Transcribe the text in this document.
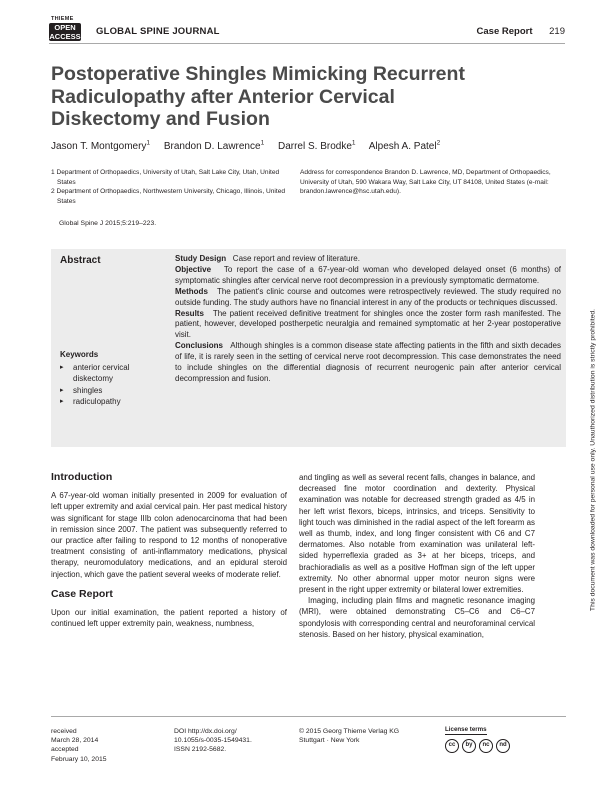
THIEME
OPEN
ACCESS GLOBAL SPINE JOURNAL	Case Report 219
Postoperative Shingles Mimicking Recurrent Radiculopathy after Anterior Cervical Diskectomy and Fusion
Jason T. Montgomery$^1$ Brandon D. Lawrence$^1$ Darrel S. Brodke$^1$ Alpesh A. Patel$^2$

1 Department of Orthopaedics, University of Utah, Salt Lake City, Utah, United States

2 Department of Orthopaedics, Northwestern University, Chicago, Illinois, United States

Address for correspondence Brandon D. Lawrence, MD, Department of Orthopaedics, University of Utah, 590 Wakara Way, Salt Lake City, UT 84108, United States (e-mail: brandon.lawrence@hsc.utah.edu).
Global Spine J 2015;5:219–223.
Abstract	Study Design Case report and review of literature.

Objective To report the case of a 67-year-old woman who developed delayed onset (6 months) of symptomatic shingles after cervical nerve root decompression in a previously symptomatic dermatome.

Methods The patient's clinic course and outcomes were retrospectively reviewed. The study required no outside funding. The study authors have no financial interest in any of the products or techniques discussed.

Results The patient received definitive treatment for shingles once the zoster form rash manifested. The patient, however, developed postherpetic neuralgia and remained symptomatic at her 2-year postoperative visit.

Conclusions Although shingles is a common disease state affecting patients in the fifth and sixth decades of life, it is rarely seen in the setting of cervical nerve root decompression. This case demonstrates the need to include shingles on the differential diagnosis of recurrent neurogenic pain after anterior cervical decompression and fusion.

Keywords
▸ anterior cervical diskectomy
▸ shingles
▸ radiculopathy
Introduction

A 67-year-old woman initially presented in 2009 for evaluation of left upper extremity and axial cervical pain. Her past medical history was significant for stage IIIb colon adenocarcinoma that had been in remission since 2007. The patient was subsequently referred to our practice after failing to respond to 12 months of nonoperative treatment consisting of anti-inflammatory medications, physical therapy, neuromodulatory medications, and an epidural steroid injection, which gave the patient several weeks of moderate relief.

Case Report

Upon our initial examination, the patient reported a history of continued left upper extremity pain, weakness, numbness,

and tingling as well as several recent falls, changes in balance, and decreased fine motor coordination and dexterity. Physical examination was notable for decreased strength graded as 4/5 in her left wrist flexors, biceps, intrinsics, and triceps. Sensitivity to light touch was diminished in the radial aspect of the left forearm as well as thumb, index, and long finger consistent with C6 and C7 dermatomes. Also notable from examination was unilateral left-sided hyperreflexia graded as 3+ at her biceps, triceps, and brachioradialis as well as a positive Hoffman sign of the left upper extremity. No other abnormal upper motor neuron signs were present in the right upper extremity or bilateral lower extremities.

Imaging, including plain films and magnetic resonance imaging (MRI), were obtained demonstrating C5–C6 and C6–C7 spondylosis with corresponding central and neuroforaminal cervical stenosis. Based on her history, physical examination,

received
March 28, 2014
accepted
February 10, 2015
DOI http://dx.doi.org/
10.1055/s-0035-1549431.
ISSN 2192-5682.
© 2015 Georg Thieme Verlag KG
Stuttgart · New York
License terms
cc	by	nc	nd
This document was downloaded for personal use only. Unauthorized distribution is strictly prohibited.
